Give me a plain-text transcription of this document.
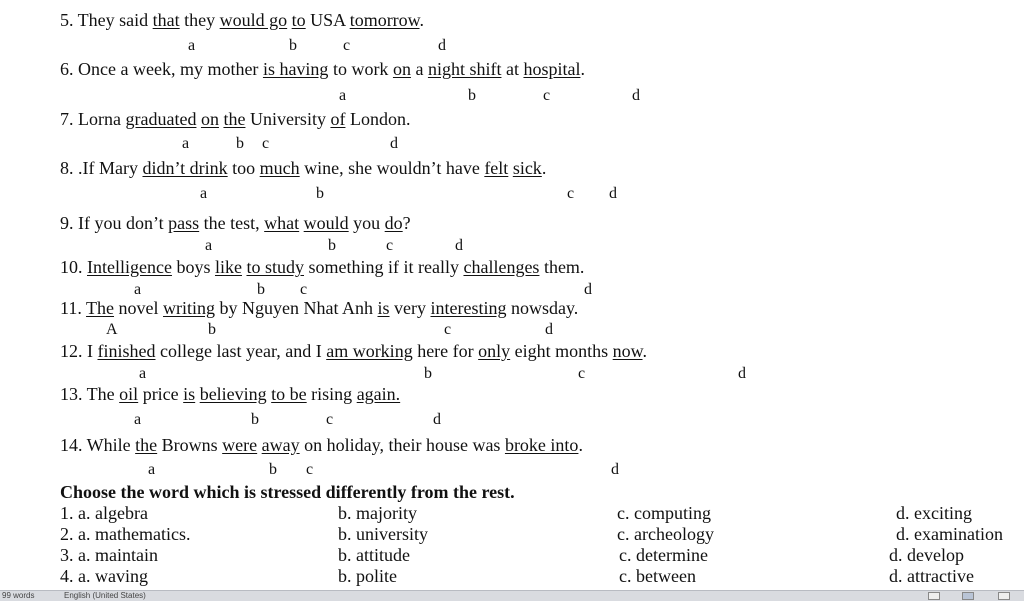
5. They said that they would go to USA tomorrow.
6. Once a week, my mother is having to work on a night shift at hospital.
7. Lorna graduated on the University of London.
8. .If Mary didn’t drink too much wine, she wouldn’t have felt sick.
9. If you don’t pass the test, what would you do?
10. Intelligence boys like to study something if it really challenges them.
11. The novel writing by Nguyen Nhat Anh is very interesting nowsday.
12. I finished college last year, and I am working here for only eight months now.
13. The oil price is believing to be rising again.
14. While the Browns were away on holiday, their house was broke into.
a	b	c	d
a	b	c	d
a	b c	d
a	b	c d
a	b	c	d
a	b c	d
A	b	c	d
a	b	c	d
a	b	c	d
a	b c	d
Choose the word which is stressed differently from the rest.
1. a. algebra	b. majority	c. computing	d. exciting
2. a. mathematics.	b. university	c. archeology	d. examination
3. a. maintain	b. attitude	c. determine	d. develop
4. a. waving	b. polite	c. between	d. attractive
99 words	English (United States)
